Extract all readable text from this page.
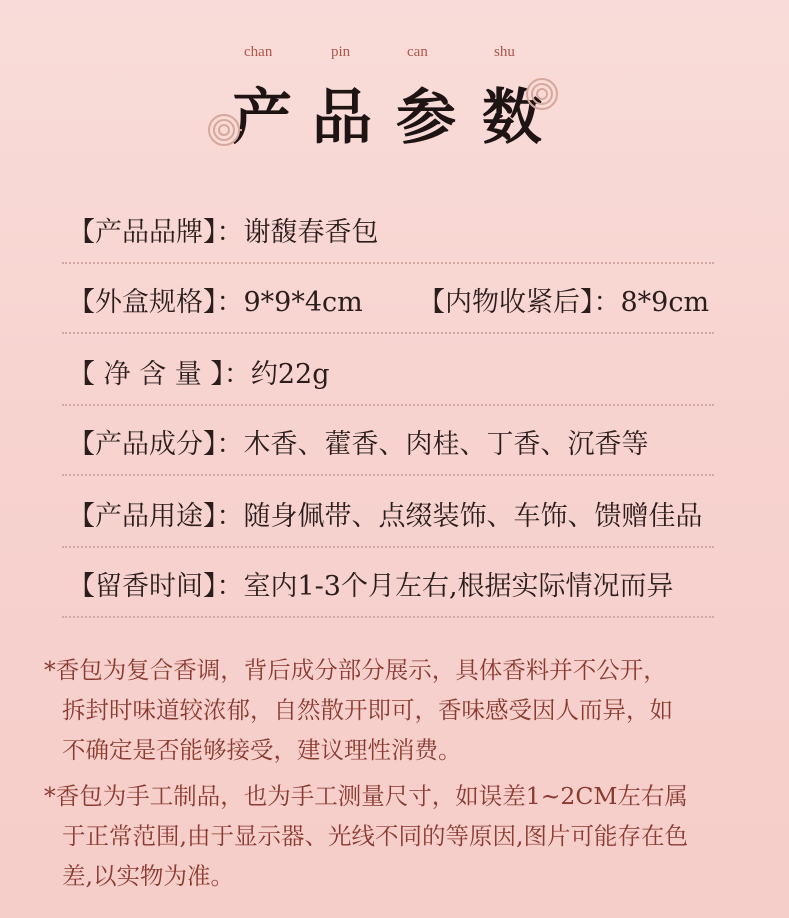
chan	pin	can	shu
产 品 参 数
【产品品牌】：谢馥春香包
【外盒规格】：9*9*4cm 【内物收紧后】：8*9cm
【 净 含 量 】：约22g
【产品成分】：木香、藿香、肉桂、丁香、沉香等
【产品用途】：随身佩带、点缀装饰、车饰、馈赠佳品
【留香时间】：室内1-3个月左右,根据实际情况而异
*香包为复合香调，背后成分部分展示，具体香料并不公开，
拆封时味道较浓郁，自然散开即可，香味感受因人而异，如
不确定是否能够接受，建议理性消费。
*香包为手工制品，也为手工测量尺寸，如误差1~2CM左右属
于正常范围,由于显示器、光线不同的等原因,图片可能存在色
差,以实物为准。
